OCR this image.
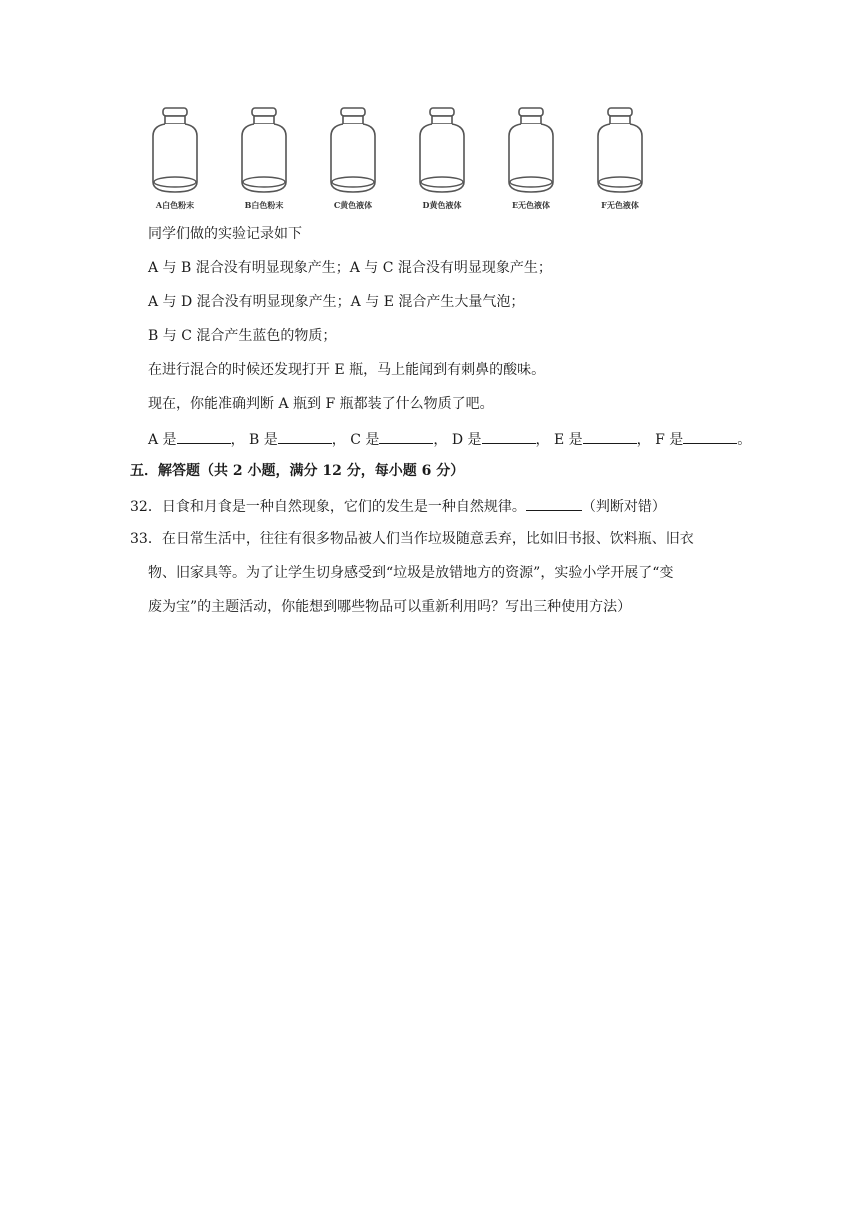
A白色粉末	B白色粉末	C黄色液体	D黄色液体	E无色液体	F无色液体
同学们做的实验记录如下
A 与 B 混合没有明显现象产生；A 与 C 混合没有明显现象产生；
A 与 D 混合没有明显现象产生；A 与 E 混合产生大量气泡；
B 与 C 混合产生蓝色的物质；
在进行混合的时候还发现打开 E 瓶，马上能闻到有刺鼻的酸味。
现在，你能准确判断 A 瓶到 F 瓶都装了什么物质了吧。
A 是	， B 是	， C 是	， D 是	， E 是	， F 是	。
五．解答题（共 2 小题，满分 12 分，每小题 6 分）
32．日食和月食是一种自然现象，它们的发生是一种自然规律。	（判断对错）
33．在日常生活中，往往有很多物品被人们当作垃圾随意丢弃，比如旧书报、饮料瓶、旧衣
物、旧家具等。为了让学生切身感受到“垃圾是放错地方的资源”，实验小学开展了“变
废为宝”的主题活动，你能想到哪些物品可以重新利用吗？写出三种使用方法）
